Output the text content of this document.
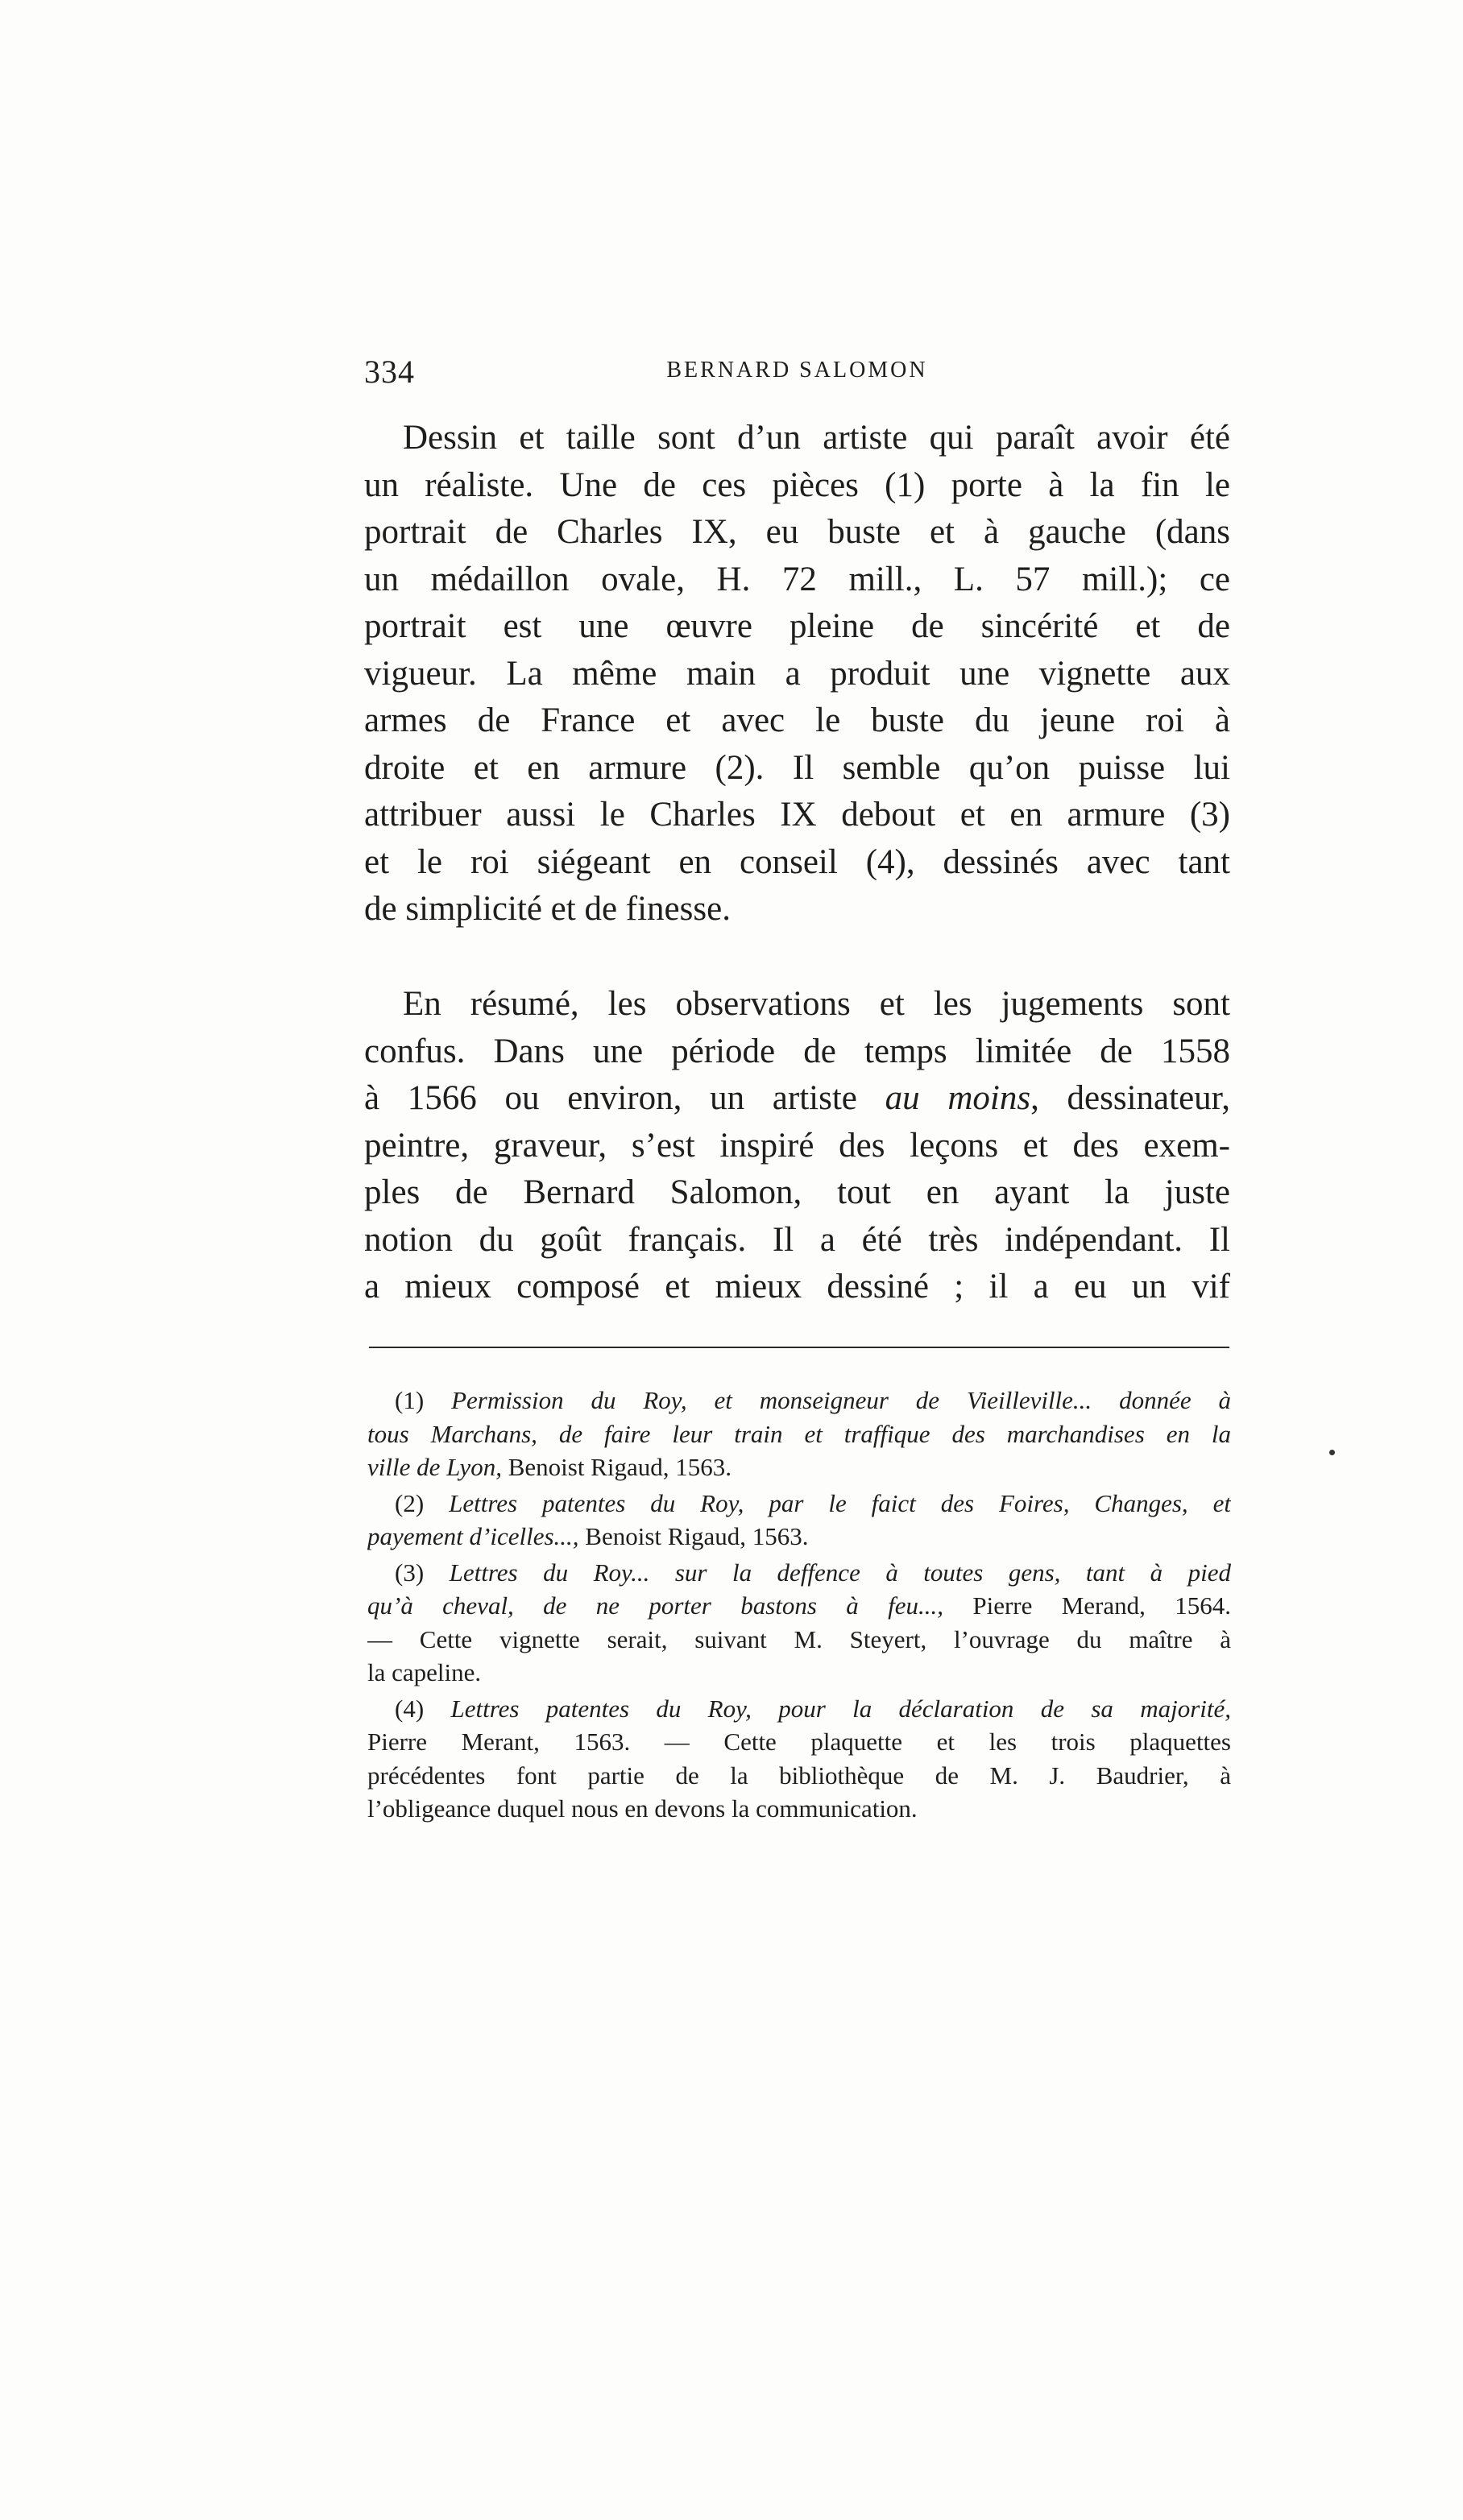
334	BERNARD SALOMON
Dessin et taille sont d’un artiste qui paraît avoir été
un réaliste. Une de ces pièces (1) porte à la fin le
portrait de Charles IX, eu buste et à gauche (dans
un médaillon ovale, H. 72 mill., L. 57 mill.); ce
portrait est une œuvre pleine de sincérité et de
vigueur. La même main a produit une vignette aux
armes de France et avec le buste du jeune roi à
droite et en armure (2). Il semble qu’on puisse lui
attribuer aussi le Charles IX debout et en armure (3)
et le roi siégeant en conseil (4), dessinés avec tant
de simplicité et de finesse.
En résumé, les observations et les jugements sont
confus. Dans une période de temps limitée de 1558
à 1566 ou environ, un artiste au moins, dessinateur,
peintre, graveur, s’est inspiré des leçons et des exem-
ples de Bernard Salomon, tout en ayant la juste
notion du goût français. Il a été très indépendant. Il
a mieux composé et mieux dessiné ; il a eu un vif
(1) Permission du Roy, et monseigneur de Vieilleville... donnée à
tous Marchans, de faire leur train et traffique des marchandises en la
ville de Lyon, Benoist Rigaud, 1563.
(2) Lettres patentes du Roy, par le faict des Foires, Changes, et
payement d’icelles..., Benoist Rigaud, 1563.
(3) Lettres du Roy... sur la deffence à toutes gens, tant à pied
qu’à cheval, de ne porter bastons à feu..., Pierre Merand, 1564.
— Cette vignette serait, suivant M. Steyert, l’ouvrage du maître à
la capeline.
(4) Lettres patentes du Roy, pour la déclaration de sa majorité,
Pierre Merant, 1563. — Cette plaquette et les trois plaquettes
précédentes font partie de la bibliothèque de M. J. Baudrier, à
l’obligeance duquel nous en devons la communication.
